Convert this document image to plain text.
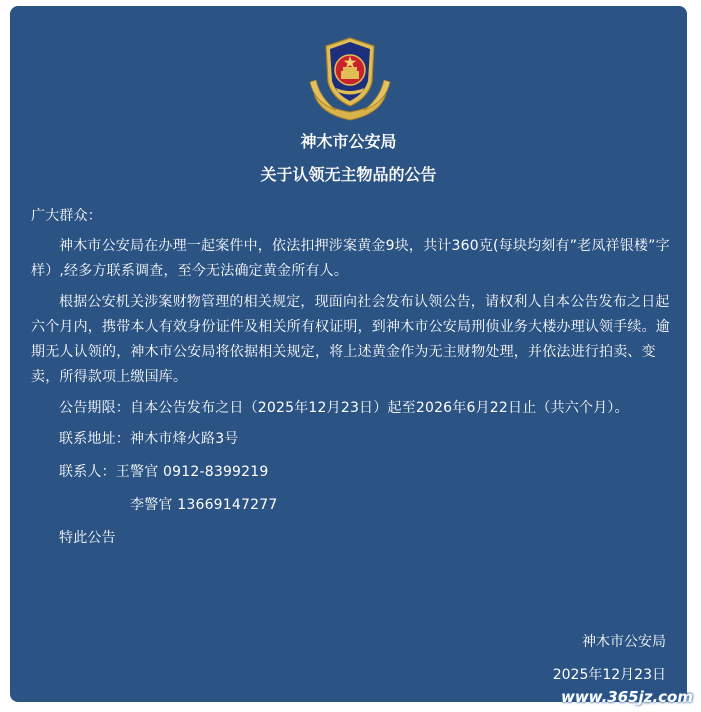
神木市公安局
关于认领无主物品的公告

广大群众：

神木市公安局在办理一起案件中，依法扣押涉案黄金9块，共计360克(每块均刻有”老凤祥银楼”字样）,经多方联系调查，至今无法确定黄金所有人。

根据公安机关涉案财物管理的相关规定，现面向社会发布认领公告，请权利人自本公告发布之日起六个月内，携带本人有效身份证件及相关所有权证明，到神木市公安局刑侦业务大楼办理认领手续。逾期无人认领的，神木市公安局将依据相关规定，将上述黄金作为无主财物处理，并依法进行拍卖、变卖，所得款项上缴国库。

公告期限：自本公告发布之日（2025年12月23日）起至2026年6月22日止（共六个月）。

联系地址：神木市烽火路3号

联系人：王警官 0912-8399219

李警官 13669147277

特此公告

神木市公安局
2025年12月23日
www.365jz.com
